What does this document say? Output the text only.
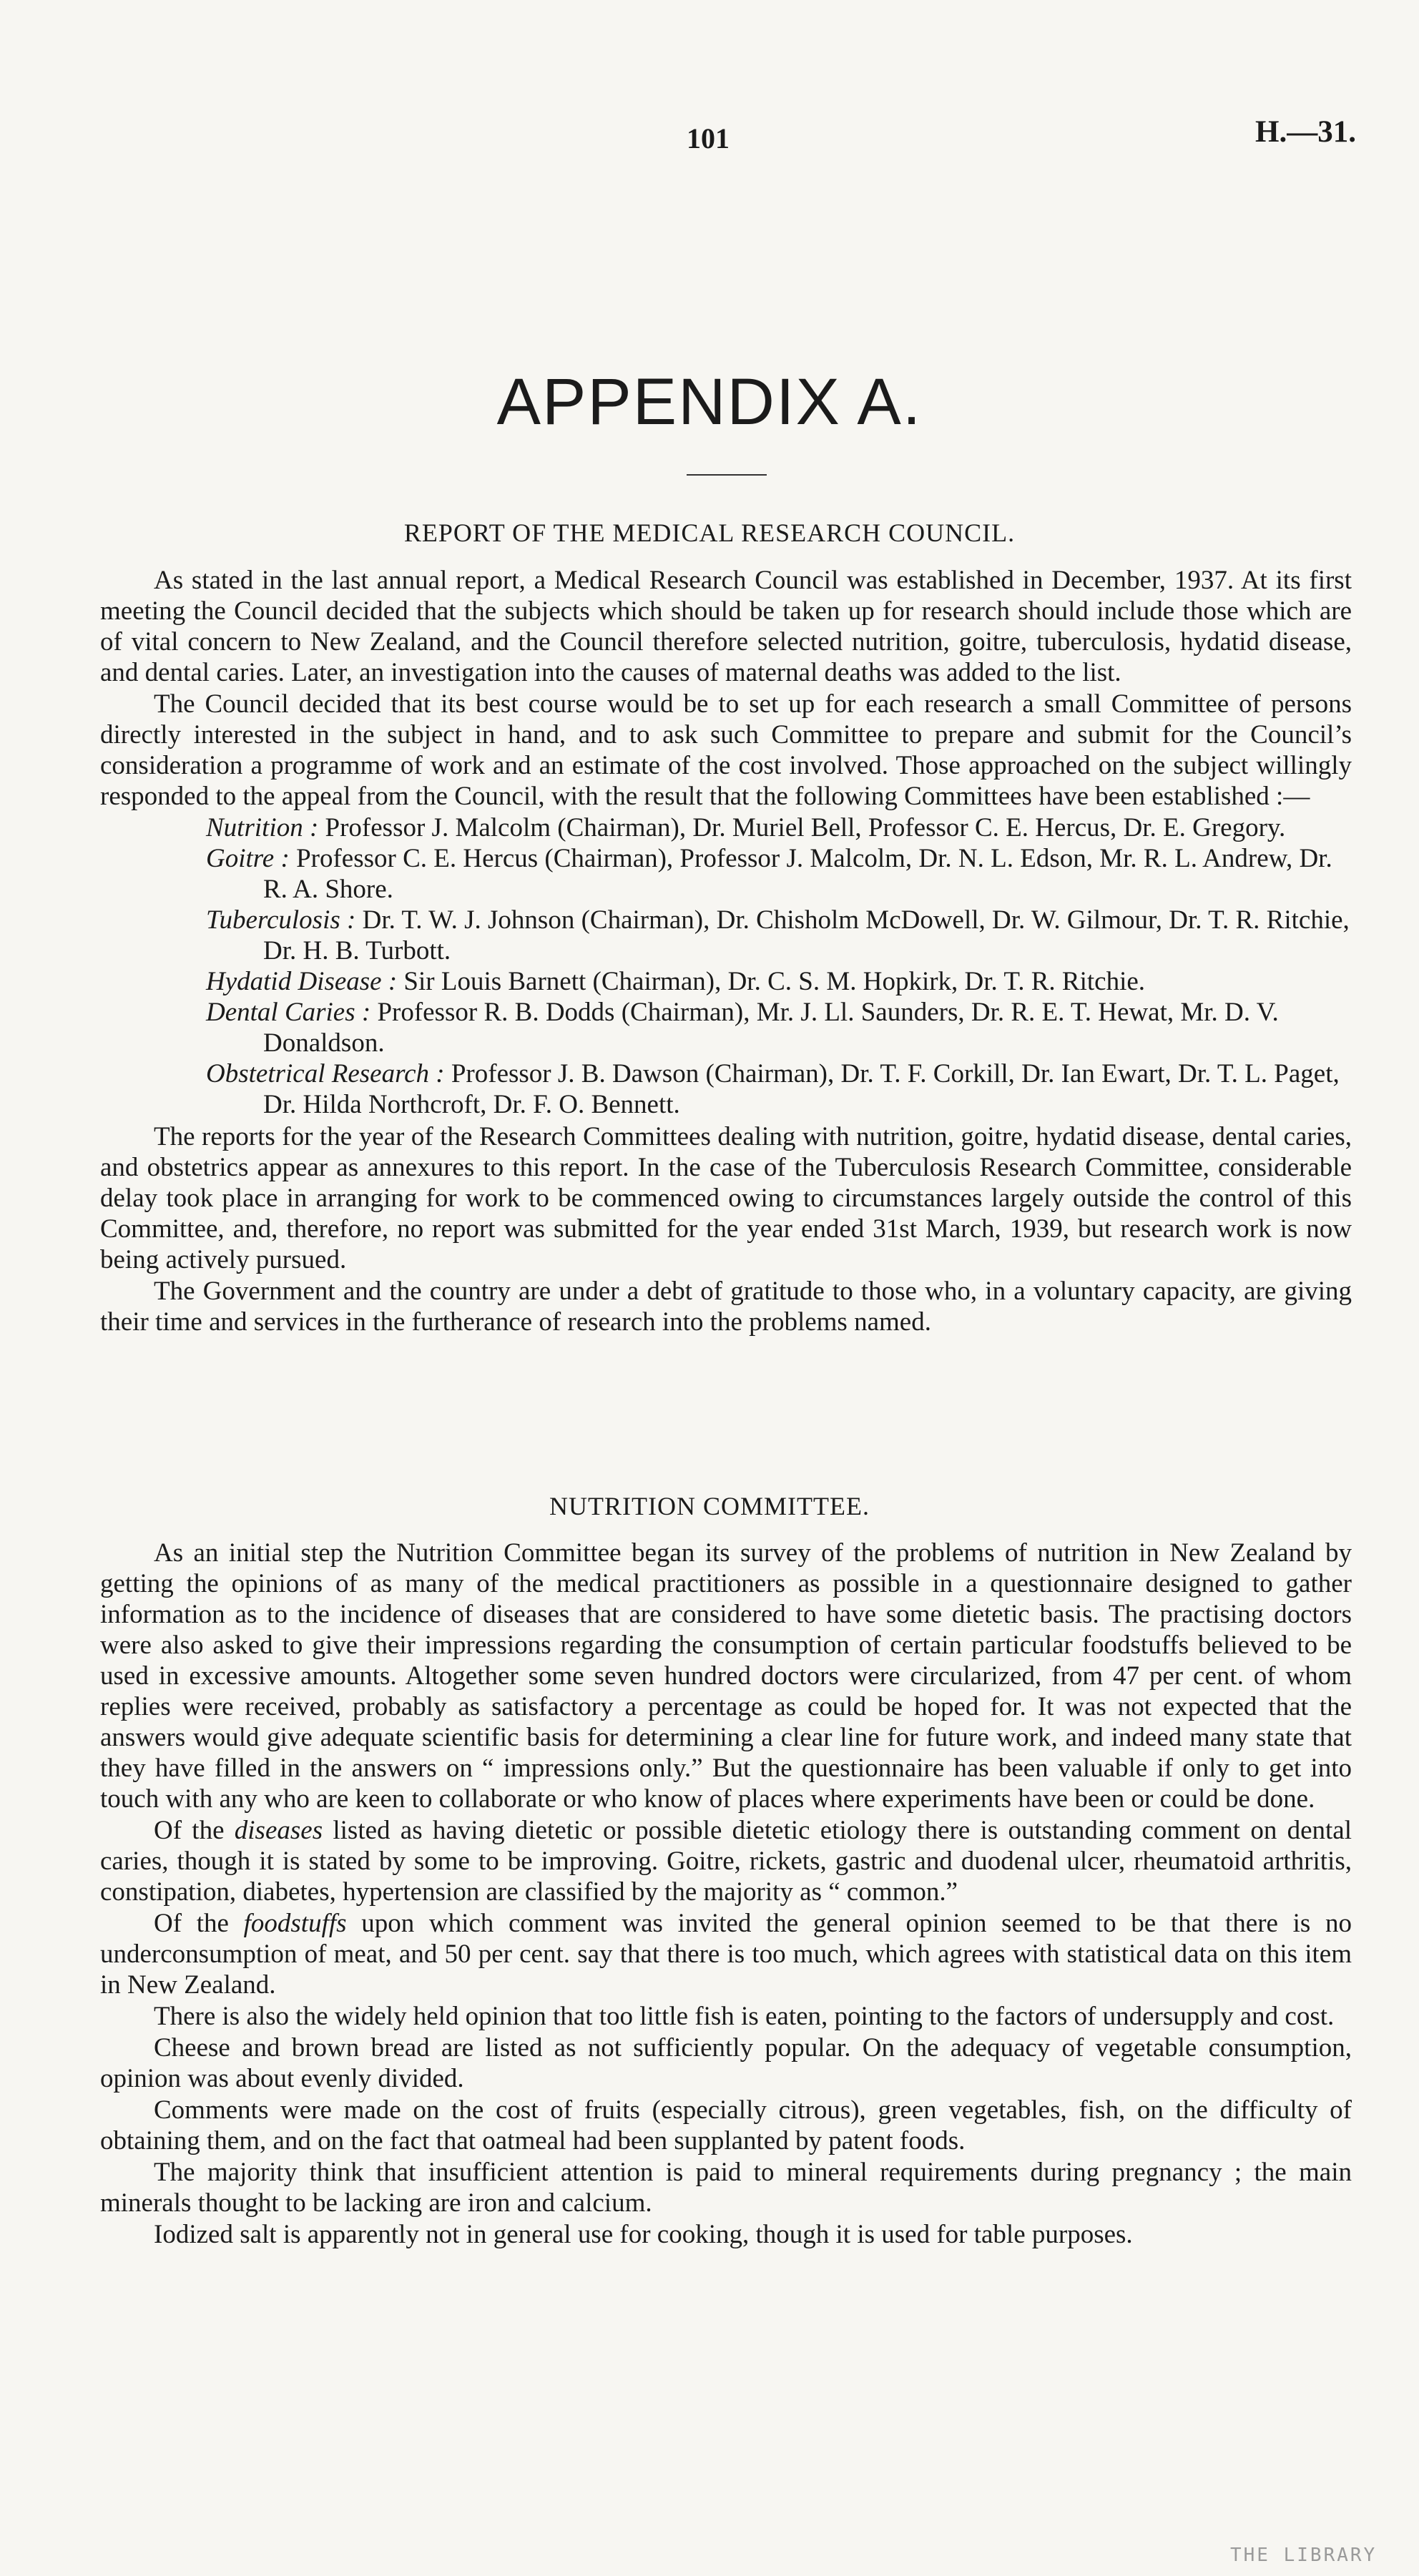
101	H.—31.
APPENDIX A.
REPORT OF THE MEDICAL RESEARCH COUNCIL.

As stated in the last annual report, a Medical Research Council was established in December, 1937. At its first meeting the Council decided that the subjects which should be taken up for research should include those which are of vital concern to New Zealand, and the Council therefore selected nutrition, goitre, tuberculosis, hydatid disease, and dental caries. Later, an investigation into the causes of maternal deaths was added to the list.

The Council decided that its best course would be to set up for each research a small Committee of persons directly interested in the subject in hand, and to ask such Committee to prepare and submit for the Council’s consideration a programme of work and an estimate of the cost involved. Those approached on the subject willingly responded to the appeal from the Council, with the result that the following Committees have been established :—

Nutrition : Professor J. Malcolm (Chairman), Dr. Muriel Bell, Professor C. E. Hercus, Dr. E. Gregory.
Goitre : Professor C. E. Hercus (Chairman), Professor J. Malcolm, Dr. N. L. Edson, Mr. R. L. Andrew, Dr. R. A. Shore.
Tuberculosis : Dr. T. W. J. Johnson (Chairman), Dr. Chisholm McDowell, Dr. W. Gilmour, Dr. T. R. Ritchie, Dr. H. B. Turbott.
Hydatid Disease : Sir Louis Barnett (Chairman), Dr. C. S. M. Hopkirk, Dr. T. R. Ritchie.
Dental Caries : Professor R. B. Dodds (Chairman), Mr. J. Ll. Saunders, Dr. R. E. T. Hewat, Mr. D. V. Donaldson.
Obstetrical Research : Professor J. B. Dawson (Chairman), Dr. T. F. Corkill, Dr. Ian Ewart, Dr. T. L. Paget, Dr. Hilda Northcroft, Dr. F. O. Bennett.

The reports for the year of the Research Committees dealing with nutrition, goitre, hydatid disease, dental caries, and obstetrics appear as annexures to this report. In the case of the Tuberculosis Research Committee, considerable delay took place in arranging for work to be commenced owing to circumstances largely outside the control of this Committee, and, therefore, no report was submitted for the year ended 31st March, 1939, but research work is now being actively pursued.

The Government and the country are under a debt of gratitude to those who, in a voluntary capacity, are giving their time and services in the furtherance of research into the problems named.

NUTRITION COMMITTEE.

As an initial step the Nutrition Committee began its survey of the problems of nutrition in New Zealand by getting the opinions of as many of the medical practitioners as possible in a questionnaire designed to gather information as to the incidence of diseases that are considered to have some dietetic basis. The practising doctors were also asked to give their impressions regarding the consumption of certain particular foodstuffs believed to be used in excessive amounts. Altogether some seven hundred doctors were circularized, from 47 per cent. of whom replies were received, probably as satisfactory a percentage as could be hoped for. It was not expected that the answers would give adequate scientific basis for determining a clear line for future work, and indeed many state that they have filled in the answers on “ impressions only.” But the questionnaire has been valuable if only to get into touch with any who are keen to collaborate or who know of places where experiments have been or could be done.

Of the diseases listed as having dietetic or possible dietetic etiology there is outstanding comment on dental caries, though it is stated by some to be improving. Goitre, rickets, gastric and duodenal ulcer, rheumatoid arthritis, constipation, diabetes, hypertension are classified by the majority as “ common.”

Of the foodstuffs upon which comment was invited the general opinion seemed to be that there is no underconsumption of meat, and 50 per cent. say that there is too much, which agrees with statistical data on this item in New Zealand.

There is also the widely held opinion that too little fish is eaten, pointing to the factors of undersupply and cost.

Cheese and brown bread are listed as not sufficiently popular. On the adequacy of vegetable consumption, opinion was about evenly divided.

Comments were made on the cost of fruits (especially citrous), green vegetables, fish, on the difficulty of obtaining them, and on the fact that oatmeal had been supplanted by patent foods.

The majority think that insufficient attention is paid to mineral requirements during pregnancy ; the main minerals thought to be lacking are iron and calcium.

Iodized salt is apparently not in general use for cooking, though it is used for table purposes.

THE LIBRARY
